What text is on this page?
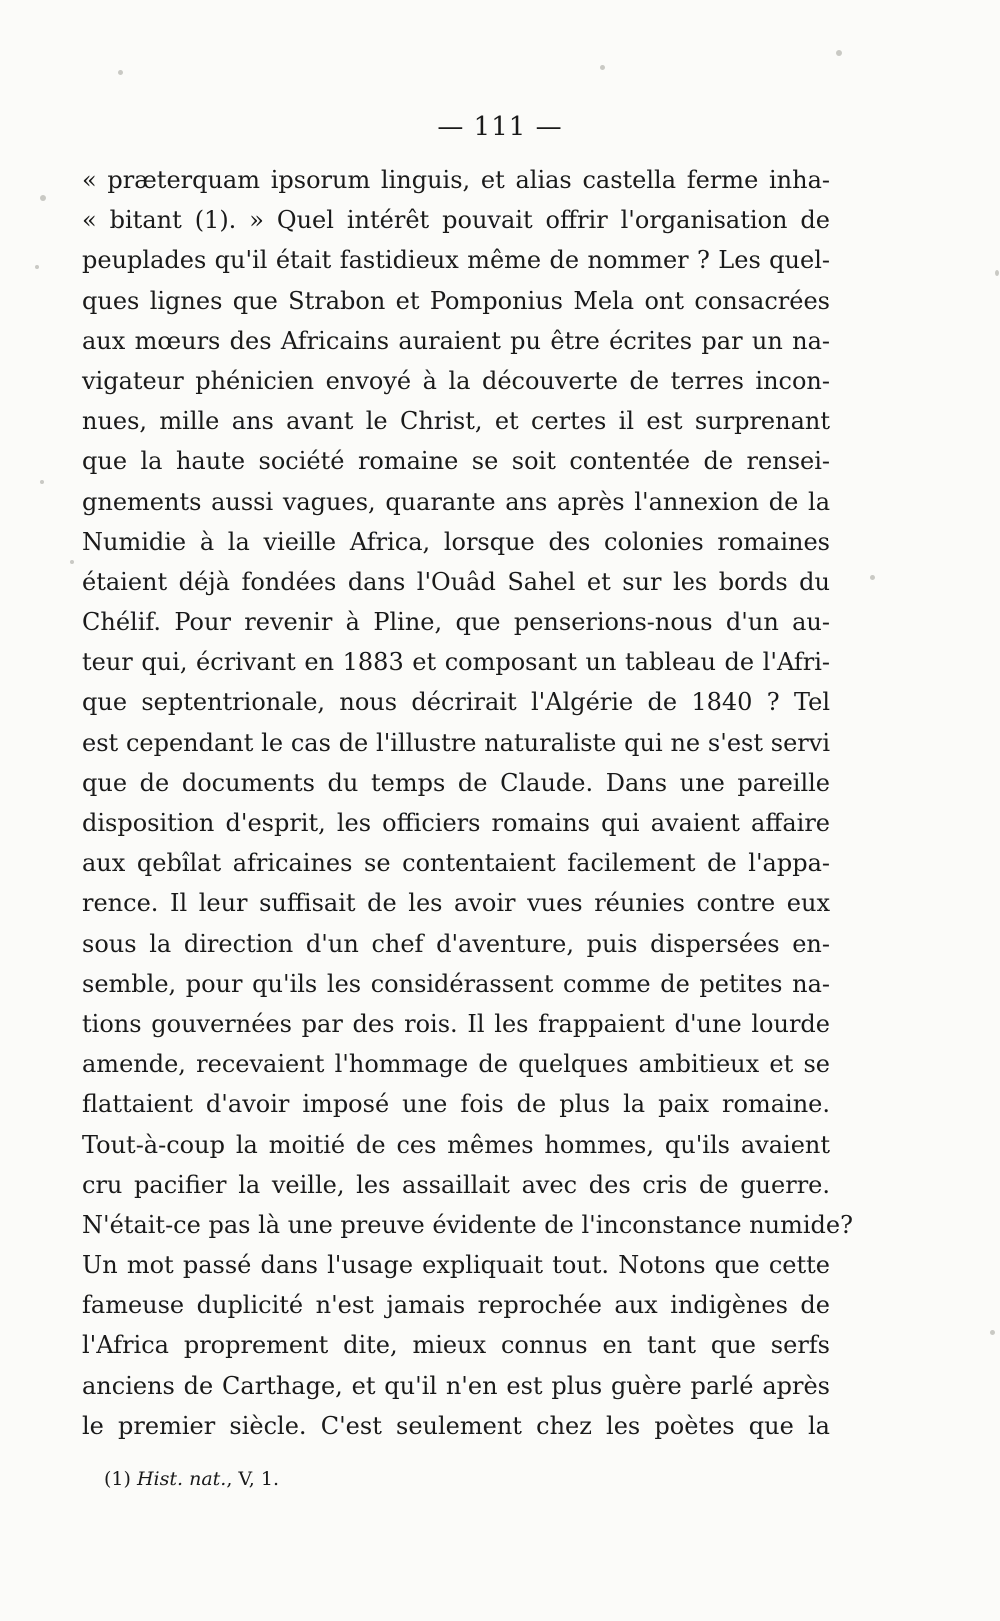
— 111 —
« præterquam ipsorum linguis, et alias castella ferme inha-
« bitant (1). » Quel intérêt pouvait offrir l'organisation de
peuplades qu'il était fastidieux même de nommer ? Les quel-
ques lignes que Strabon et Pomponius Mela ont consacrées
aux mœurs des Africains auraient pu être écrites par un na-
vigateur phénicien envoyé à la découverte de terres incon-
nues, mille ans avant le Christ, et certes il est surprenant
que la haute société romaine se soit contentée de rensei-
gnements aussi vagues, quarante ans après l'annexion de la
Numidie à la vieille Africa, lorsque des colonies romaines
étaient déjà fondées dans l'Ouâd Sahel et sur les bords du
Chélif. Pour revenir à Pline, que penserions-nous d'un au-
teur qui, écrivant en 1883 et composant un tableau de l'Afri-
que septentrionale, nous décrirait l'Algérie de 1840 ? Tel
est cependant le cas de l'illustre naturaliste qui ne s'est servi
que de documents du temps de Claude. Dans une pareille
disposition d'esprit, les officiers romains qui avaient affaire
aux qebîlat africaines se contentaient facilement de l'appa-
rence. Il leur suffisait de les avoir vues réunies contre eux
sous la direction d'un chef d'aventure, puis dispersées en-
semble, pour qu'ils les considérassent comme de petites na-
tions gouvernées par des rois. Il les frappaient d'une lourde
amende, recevaient l'hommage de quelques ambitieux et se
flattaient d'avoir imposé une fois de plus la paix romaine.
Tout-à-coup la moitié de ces mêmes hommes, qu'ils avaient
cru pacifier la veille, les assaillait avec des cris de guerre.
N'était-ce pas là une preuve évidente de l'inconstance numide?
Un mot passé dans l'usage expliquait tout. Notons que cette
fameuse duplicité n'est jamais reprochée aux indigènes de
l'Africa proprement dite, mieux connus en tant que serfs
anciens de Carthage, et qu'il n'en est plus guère parlé après
le premier siècle. C'est seulement chez les poètes que la
(1) Hist. nat., V, 1.
